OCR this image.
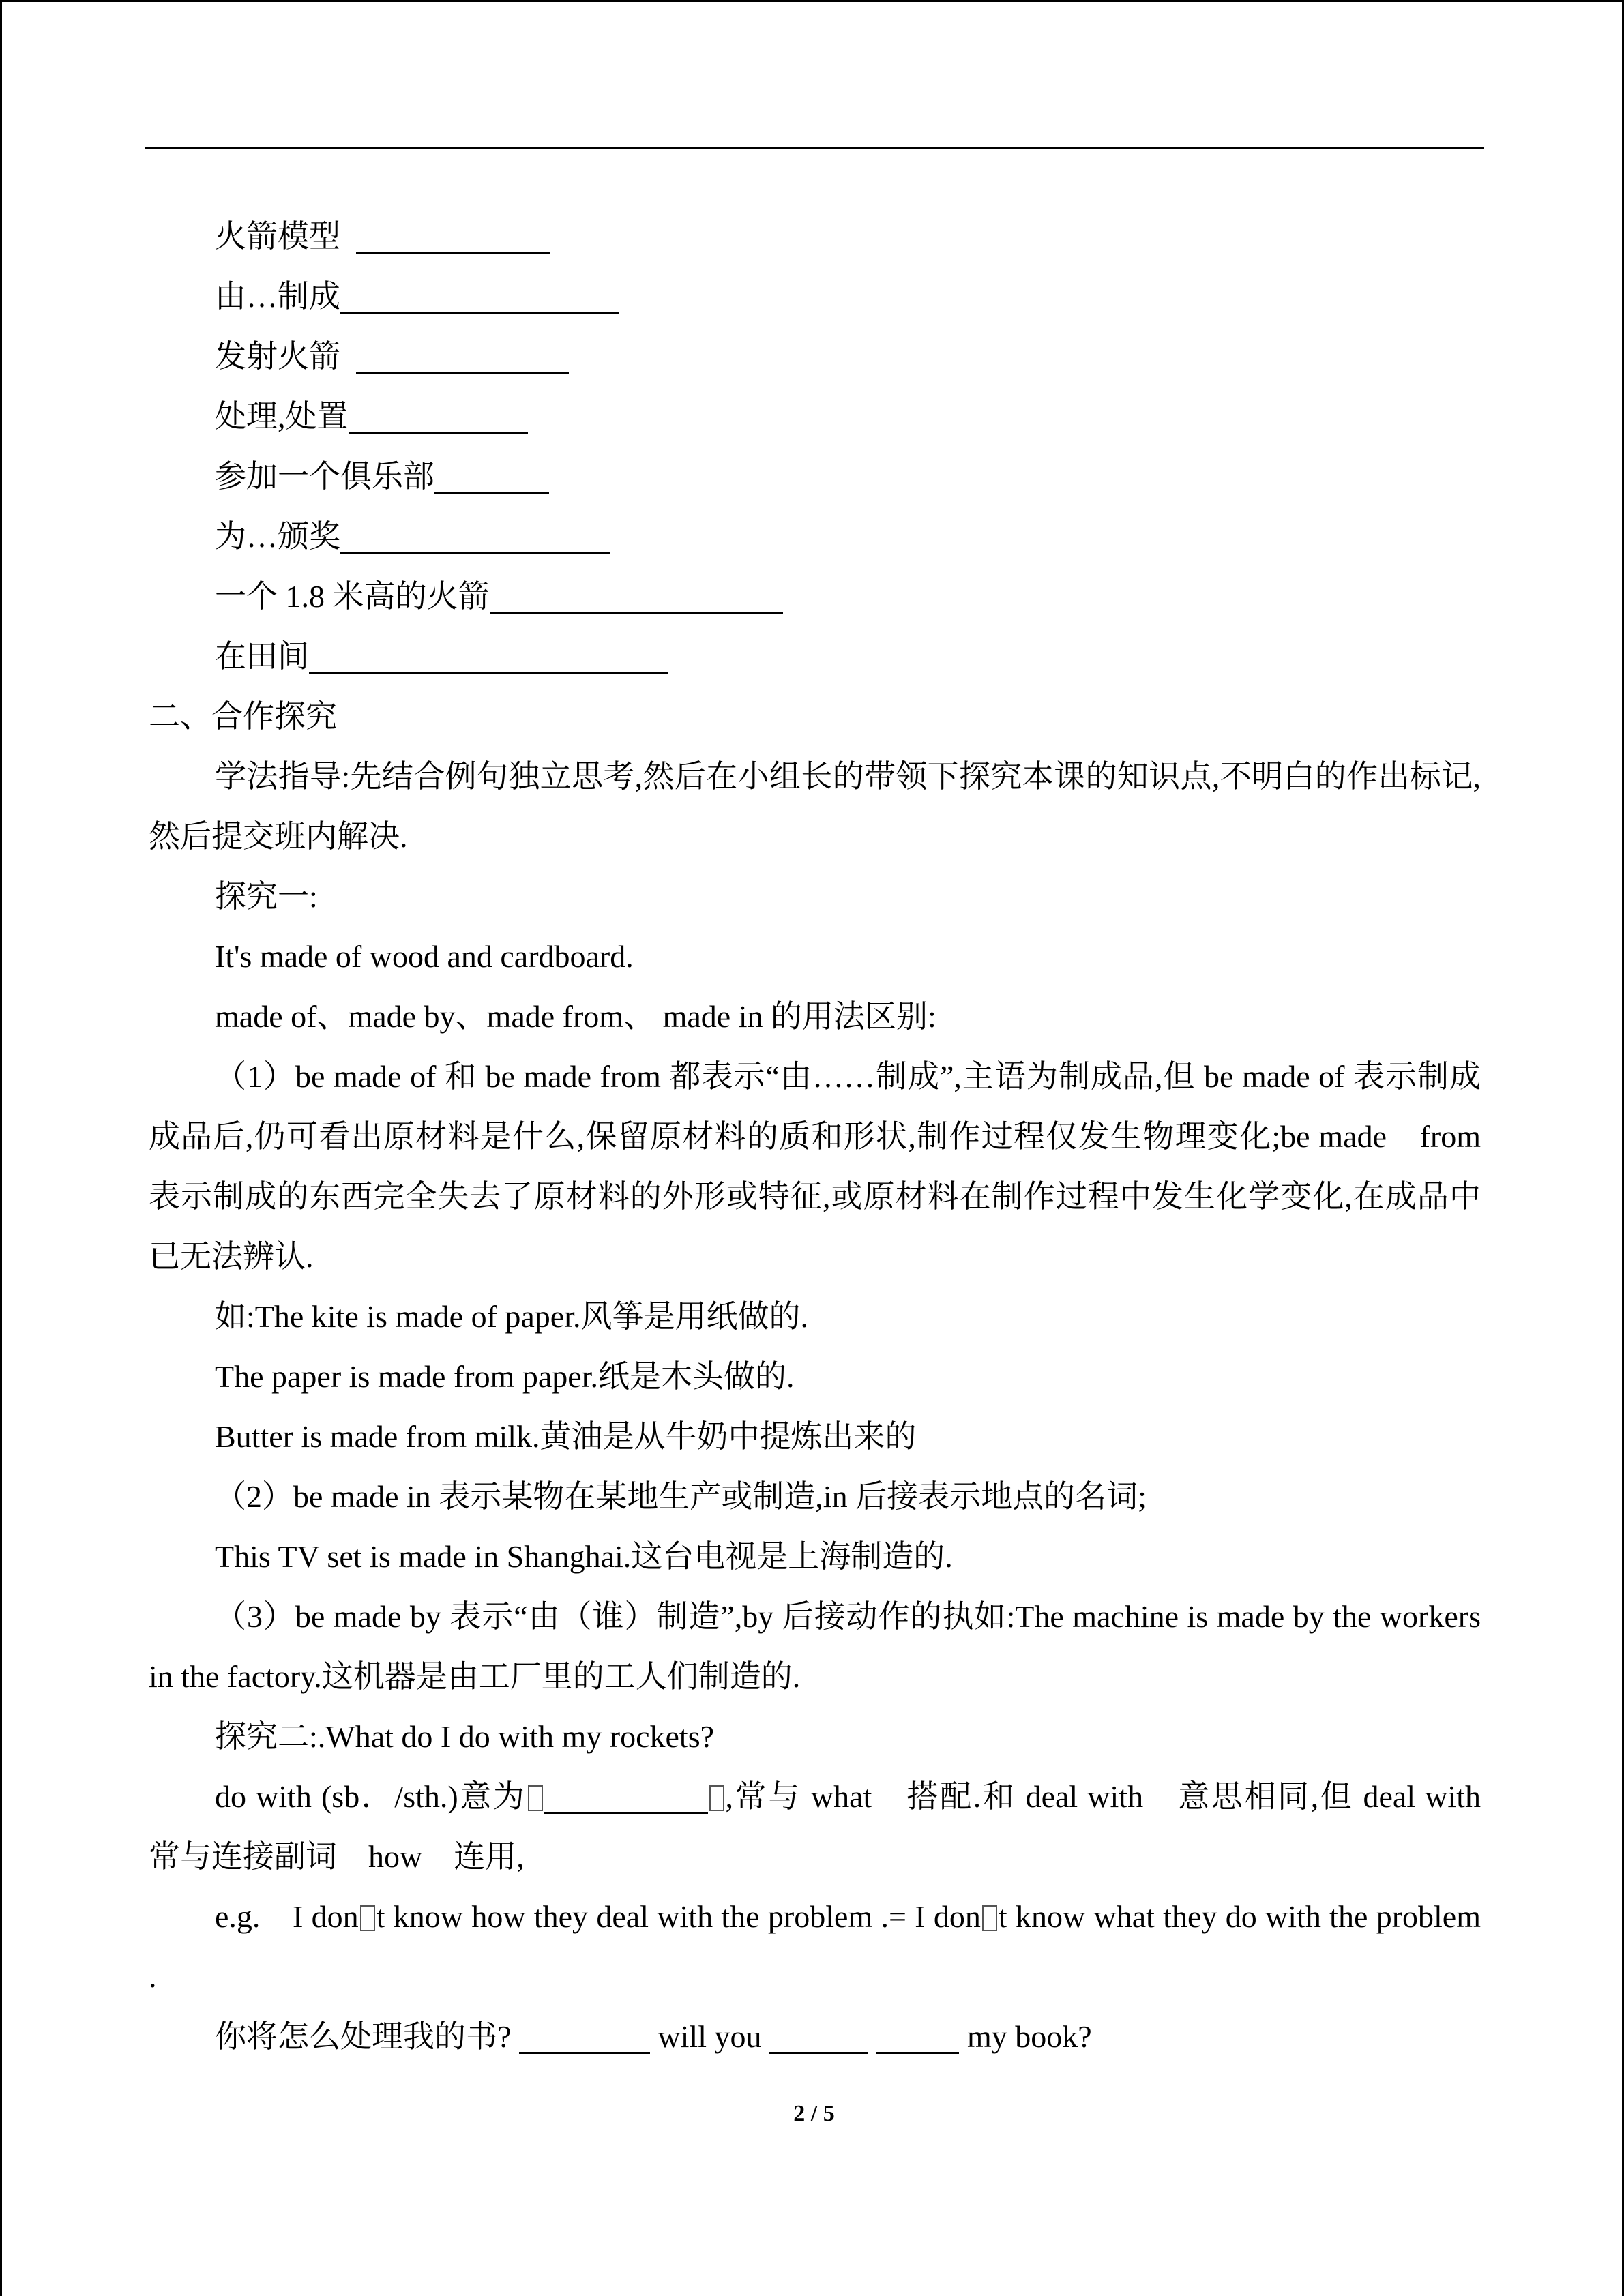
火箭模型

由…制成

发射火箭

处理,处置

参加一个俱乐部

为…颁奖

一个 1.8 米高的火箭

在田间

二、合作探究

学法指导:先结合例句独立思考,然后在小组长的带领下探究本课的知识点,不明白的作出标记,然后提交班内解决.

探究一:

It's made of wood and cardboard.

made of、made by、made from、 made in 的用法区别:

（1）be made of 和 be made from 都表示“由……制成”,主语为制成品,但 be made of 表示制成成品后,仍可看出原材料是什么,保留原材料的质和形状,制作过程仅发生物理变化;be made　from 表示制成的东西完全失去了原材料的外形或特征,或原材料在制作过程中发生化学变化,在成品中已无法辨认.

如:The kite is made of paper.风筝是用纸做的.

The paper is made from paper.纸是木头做的.

Butter is made from milk.黄油是从牛奶中提炼出来的

（2）be made in 表示某物在某地生产或制造,in 后接表示地点的名词;

This TV set is made in Shanghai.这台电视是上海制造的.

（3）be made by 表示“由（谁）制造”,by 后接动作的执如:The machine is made by the workers in the factory.这机器是由工厂里的工人们制造的.

探究二:.What do I do with my rockets?

do with (sb．/sth.)意为	,常与 what　搭配.和 deal with　意思相同,但 deal with　常与连接副词　how　连用,

e.g.　I don t know how they deal with the problem .= I don t know what they do with the problem .

你将怎么处理我的书?	will you	my book?

2 / 5
